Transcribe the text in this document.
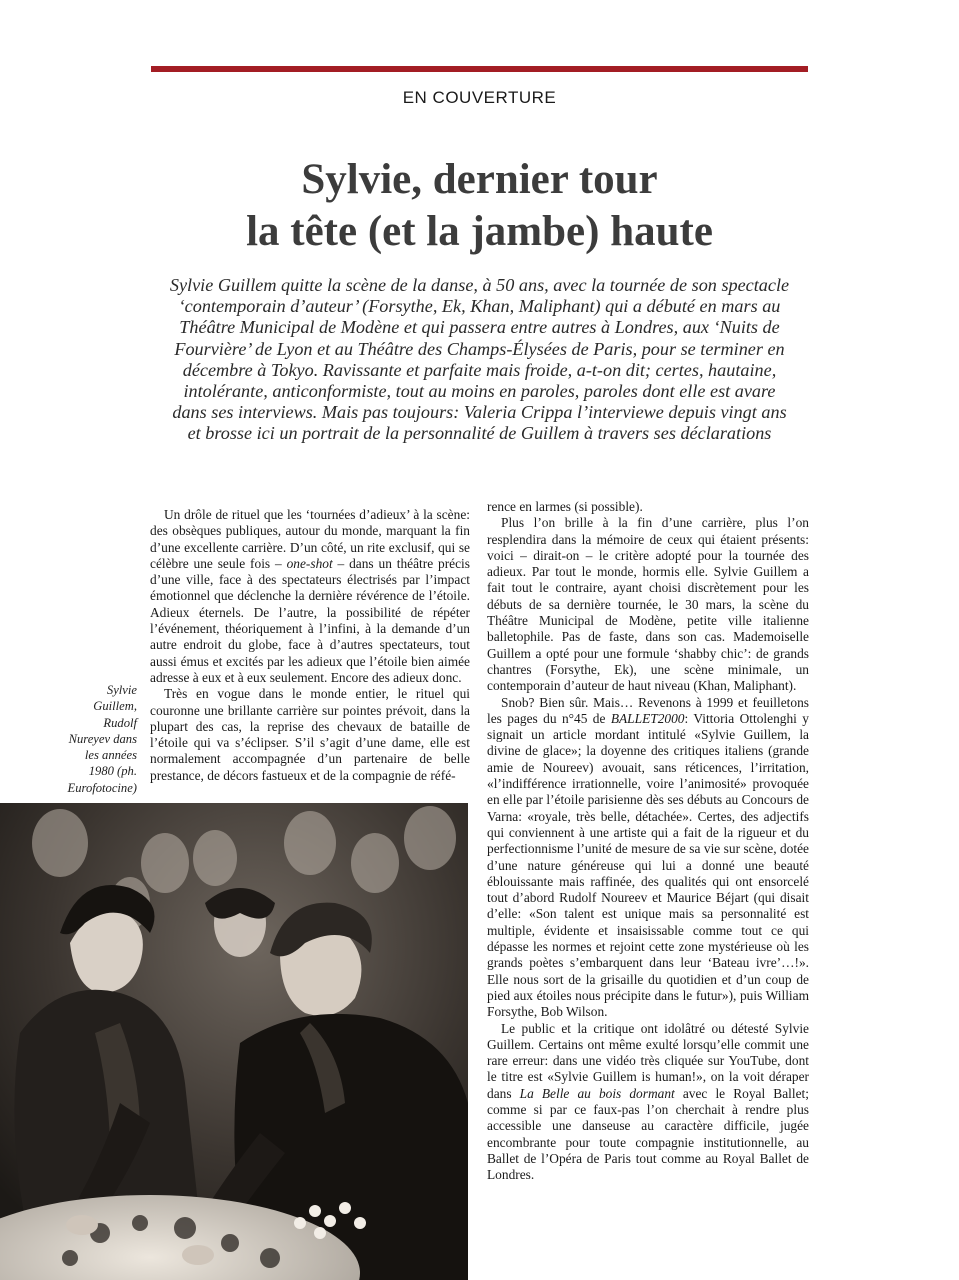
EN COUVERTURE
Sylvie, dernier tour
la tête (et la jambe) haute
Sylvie Guillem quitte la scène de la danse, à 50 ans, avec la tournée de son spectacle
‘contemporain d’auteur’ (Forsythe, Ek, Khan, Maliphant) qui a débuté en mars au
Théâtre Municipal de Modène et qui passera entre autres à Londres, aux ‘Nuits de
Fourvière’ de Lyon et au Théâtre des Champs-Élysées de Paris, pour se terminer en
décembre à Tokyo. Ravissante et parfaite mais froide, a-t-on dit; certes, hautaine,
intolérante, anticonformiste, tout au moins en paroles, paroles dont elle est avare
dans ses interviews. Mais pas toujours: Valeria Crippa l’interviewe depuis vingt ans
et brosse ici un portrait de la personnalité de Guillem à travers ses déclarations

Un drôle de rituel que les ‘tournées d’adieux’ à la scène: des obsèques publiques, autour du monde, marquant la fin d’une excellente carrière. D’un côté, un rite exclusif, qui se célèbre une seule fois – one-shot – dans un théâtre précis d’une ville, face à des spectateurs électrisés par l’impact émotionnel que déclenche la dernière révérence de l’étoile. Adieux éternels. De l’autre, la possibilité de répéter l’événement, théoriquement à l’infini, à la demande d’un autre endroit du globe, face à d’autres spectateurs, tout aussi émus et excités par les adieux que l’étoile bien aimée adresse à eux et à eux seulement. Encore des adieux donc.

Très en vogue dans le monde entier, le rituel qui couronne une brillante carrière sur pointes prévoit, dans la plupart des cas, la reprise des chevaux de bataille de l’étoile qui va s’éclipser. S’il s’agit d’une dame, elle est normalement accompagnée d’un partenaire de belle prestance, de décors fastueux et de la compagnie de réfé-

rence en larmes (si possible).

Plus l’on brille à la fin d’une carrière, plus l’on resplendira dans la mémoire de ceux qui étaient présents: voici – dirait-on – le critère adopté pour la tournée des adieux. Par tout le monde, hormis elle. Sylvie Guillem a fait tout le contraire, ayant choisi discrètement pour les débuts de sa dernière tournée, le 30 mars, la scène du Théâtre Municipal de Modène, petite ville italienne balletophile. Pas de faste, dans son cas. Mademoiselle Guillem a opté pour une formule ‘shabby chic’: de grands chantres (Forsythe, Ek), une scène minimale, un contemporain d’auteur de haut niveau (Khan, Maliphant).

Snob? Bien sûr. Mais… Revenons à 1999 et feuilletons les pages du n°45 de BALLET2000: Vittoria Ottolenghi y signait un article mordant intitulé «Sylvie Guillem, la divine de glace»; la doyenne des critiques italiens (grande amie de Noureev) avouait, sans réticences, l’irritation, «l’indifférence irrationnelle, voire l’animosité» provoquée en elle par l’étoile parisienne dès ses débuts au Concours de Varna: «royale, très belle, détachée». Certes, des adjectifs qui conviennent à une artiste qui a fait de la rigueur et du perfectionnisme l’unité de mesure de sa vie sur scène, dotée d’une nature généreuse qui lui a donné une beauté éblouissante mais raffinée, des qualités qui ont ensorcelé tout d’abord Rudolf Noureev et Maurice Béjart (qui disait d’elle: «Son talent est unique mais sa personnalité est multiple, évidente et insaisissable comme tout ce qui dépasse les normes et rejoint cette zone mystérieuse où les grands poètes s’embarquent dans leur ‘Bateau ivre’…!». Elle nous sort de la grisaille du quotidien et d’un coup de pied aux étoiles nous précipite dans le futur»), puis William Forsythe, Bob Wilson.

Le public et la critique ont idolâtré ou détesté Sylvie Guillem. Certains ont même exulté lorsqu’elle commit une rare erreur: dans une vidéo très cliquée sur YouTube, dont le titre est «Sylvie Guillem is human!», on la voit déraper dans La Belle au bois dormant avec le Royal Ballet; comme si par ce faux-pas l’on cherchait à rendre plus accessible une danseuse au caractère difficile, jugée encombrante pour toute compagnie institutionnelle, au Ballet de l’Opéra de Paris tout comme au Royal Ballet de Londres.

Sylvie
Guillem,
Rudolf
Nureyev dans
les années
1980 (ph.
Eurofotocine)
